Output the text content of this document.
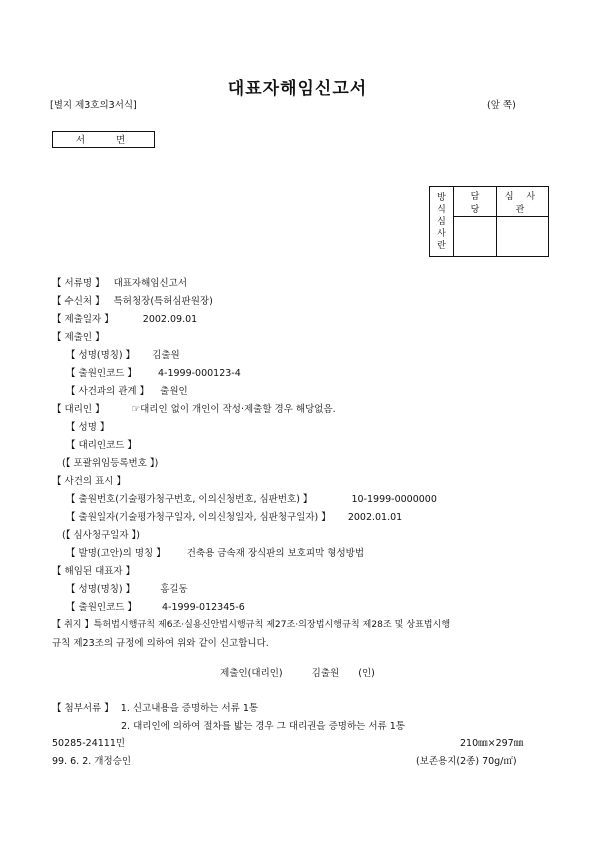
대표자해임신고서
[별지 제3호의3서식]	(앞 쪽)
서 면
방
식
심
사
란	담 당	심 사 관

【 서류명 】 대표자해임신고서
【 수신처 】 특허청장(특허심판원장)
【 제출일자 】	2002.09.01
【 제출인 】
【 성명(명칭) 】 김출원
【 출원인코드 】 4-1999-000123-4
【 사건과의 관계 】 출원인
【 대리인 】	☞대리인 없이 개인이 작성·제출할 경우 해당없음.
【 성명 】
【 대리인코드 】
(【 포괄위임등록번호 】)
【 사건의 표시 】
【 출원번호(기술평가청구번호, 이의신청번호, 심판번호) 】	10-1999-0000000
【 출원일자(기술평가청구일자, 이의신청일자, 심판청구일자) 】 2002.01.01
(【 심사청구일자 】)
【 발명(고안)의 명칭 】 건축용 금속재 장식판의 보호피막 형성방법
【 해임된 대표자 】
【 성명(명칭) 】	홍길동
【 출원인코드 】	4-1999-012345-6
【 취지 】특허법시행규칙 제6조·실용신안법시행규칙 제27조·의장법시행규칙 제28조 및 상표법시행
규칙 제23조의 규정에 의하여 위와 같이 신고합니다.
제출인(대리인)	김출원 (인)
【 첨부서류 】 1. 신고내용을 증명하는 서류 1통
2. 대리인에 의하여 절차를 밟는 경우 그 대리권을 증명하는 서류 1통
50285-24111민	210㎜×297㎜
99. 6. 2. 개정승인	(보존용지(2종) 70g/㎡)
